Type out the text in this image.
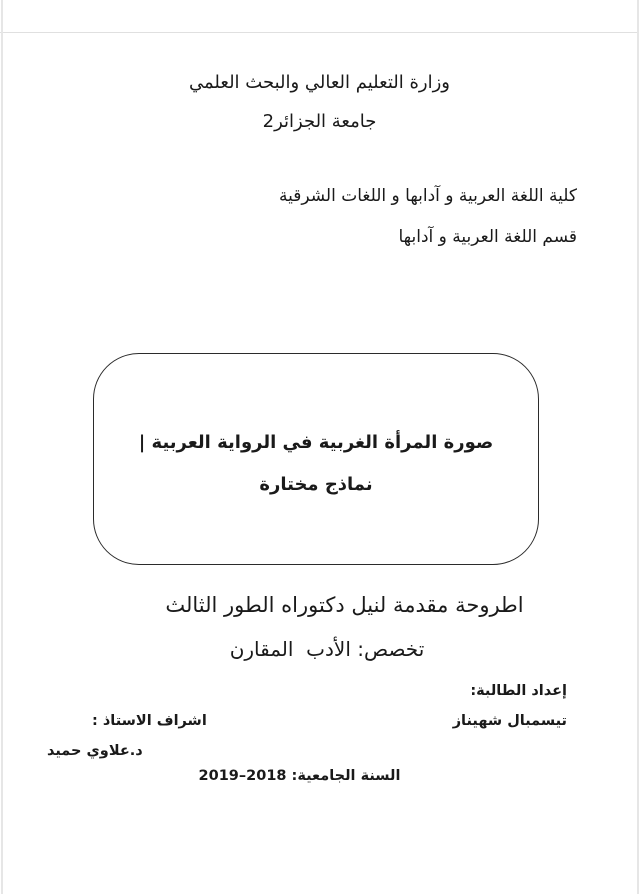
وزارة التعليم العالي والبحث العلمي
جامعة الجزائر2
كلية اللغة العربية و آدابها و اللغات الشرقية
قسم اللغة العربية و آدابها
صورة المرأة الغربية في الرواية العربية |
نماذج مختارة
اطروحة مقدمة لنيل دكتوراه الطور الثالث
تخصص: الأدب  المقارن
إعداد الطالبة:
تيسمبال شهيناز
اشراف الاستاذ :
د.علاوي حميد
السنة الجامعية: 2018–2019
